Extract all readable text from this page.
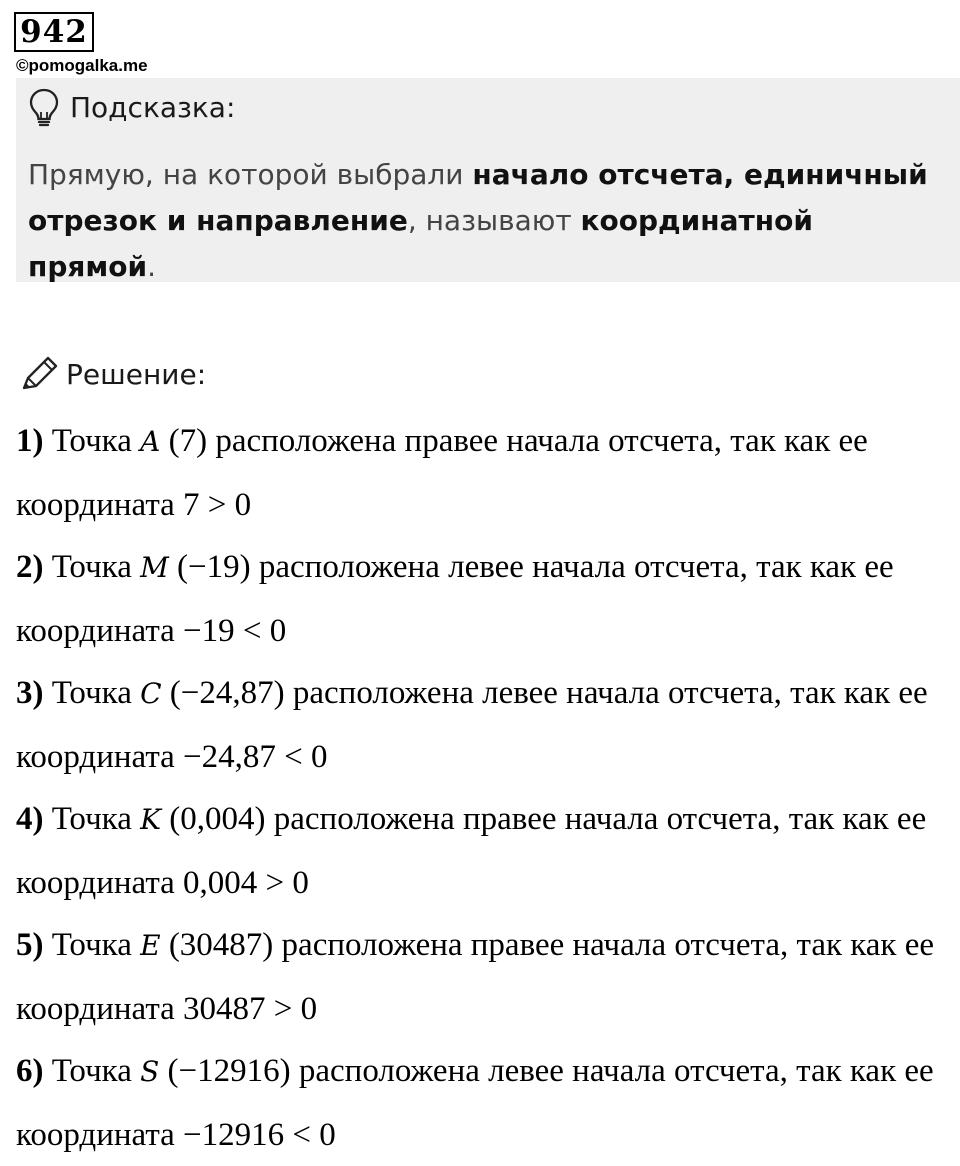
942
©pomogalka.me
Подсказка:
Прямую, на которой выбрали начало отсчета, единичный отрезок и направление, называют координатной прямой.
Решение:
1) Точка A (7) расположена правее начала отсчета, так как ее координата 7 > 0
2) Точка M (−19) расположена левее начала отсчета, так как ее координата −19 < 0
3) Точка C (−24,87) расположена левее начала отсчета, так как ее координата −24,87 < 0
4) Точка K (0,004) расположена правее начала отсчета, так как ее координата 0,004 > 0
5) Точка E (30487) расположена правее начала отсчета, так как ее координата 30487 > 0
6) Точка S (−12916) расположена левее начала отсчета, так как ее координата −12916 < 0
